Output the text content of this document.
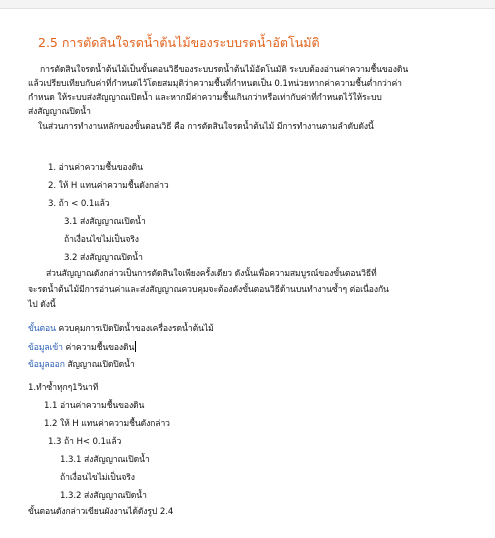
2.5 การตัดสินใจรดน้ำต้นไม้ของระบบรดน้ำอัตโนมัติ
การตัดสินใจรดน้ำต้นไม้เป็นขั้นตอนวิธีของระบบรดน้ำต้นไม้อัตโนมัติ ระบบต้องอ่านค่าความชื้นของดิน
แล้วเปรียบเทียบกับค่าที่กำหนดไว้โดยสมมุติว่าความชื้นที่กำหนดเป็น 0.1หน่วยหากค่าความชื้นต่ำกว่าค่า
กำหนด ให้ระบบส่งสัญญาณเปิดน้ำ และหากมีค่าความชื้นเกินกว่าหรือเท่ากับค่าที่กำหนดไว้ให้ระบบ
ส่งสัญญาณปิดน้ำ
ในส่วนการทำงานหลักของขั้นตอนวิธี คือ การตัดสินใจรดน้ำต้นไม้ มีการทำงานตามลำดับดังนี้
1. อ่านค่าความชื้นของดิน
2. ให้ H แทนค่าความชื้นดังกล่าว
3. ถ้า < 0.1แล้ว
3.1 ส่งสัญญาณเปิดน้ำ
ถ้าเงื่อนไขไม่เป็นจริง
3.2 ส่งสัญญาณปิดน้ำ
ส่วนสัญญาณดังกล่าวเป็นการตัดสินใจเพียงครั้งเดียว ดังนั้นเพื่อความสมบูรณ์ของขั้นตอนวิธีที่
จะรดน้ำต้นไม้มีการอ่านค่าและส่งสัญญาณควบคุมจะต้องดังขั้นตอนวิธีด้านบนทำงานซ้ำๆ ต่อเนื่องกัน
ไป ดังนี้
ขั้นตอน ควบคุมการเปิดปิดน้ำของเครื่องรดน้ำต้นไม้
ข้อมูลเข้า ค่าความชื้นของดิน
ข้อมูลออก สัญญาณเปิดปิดน้ำ
1.ทำซ้ำทุกๆ1วินาที
1.1 อ่านค่าความชื้นของดิน
1.2 ให้ H แทนค่าความชื้นดังกล่าว
1.3 ถ้า H< 0.1แล้ว
1.3.1 ส่งสัญญาณเปิดน้ำ
ถ้าเงื่อนไขไม่เป็นจริง
1.3.2 ส่งสัญญาณปิดน้ำ
ขั้นตอนดังกล่าวเขียนผังงานได้ดังรูป 2.4
